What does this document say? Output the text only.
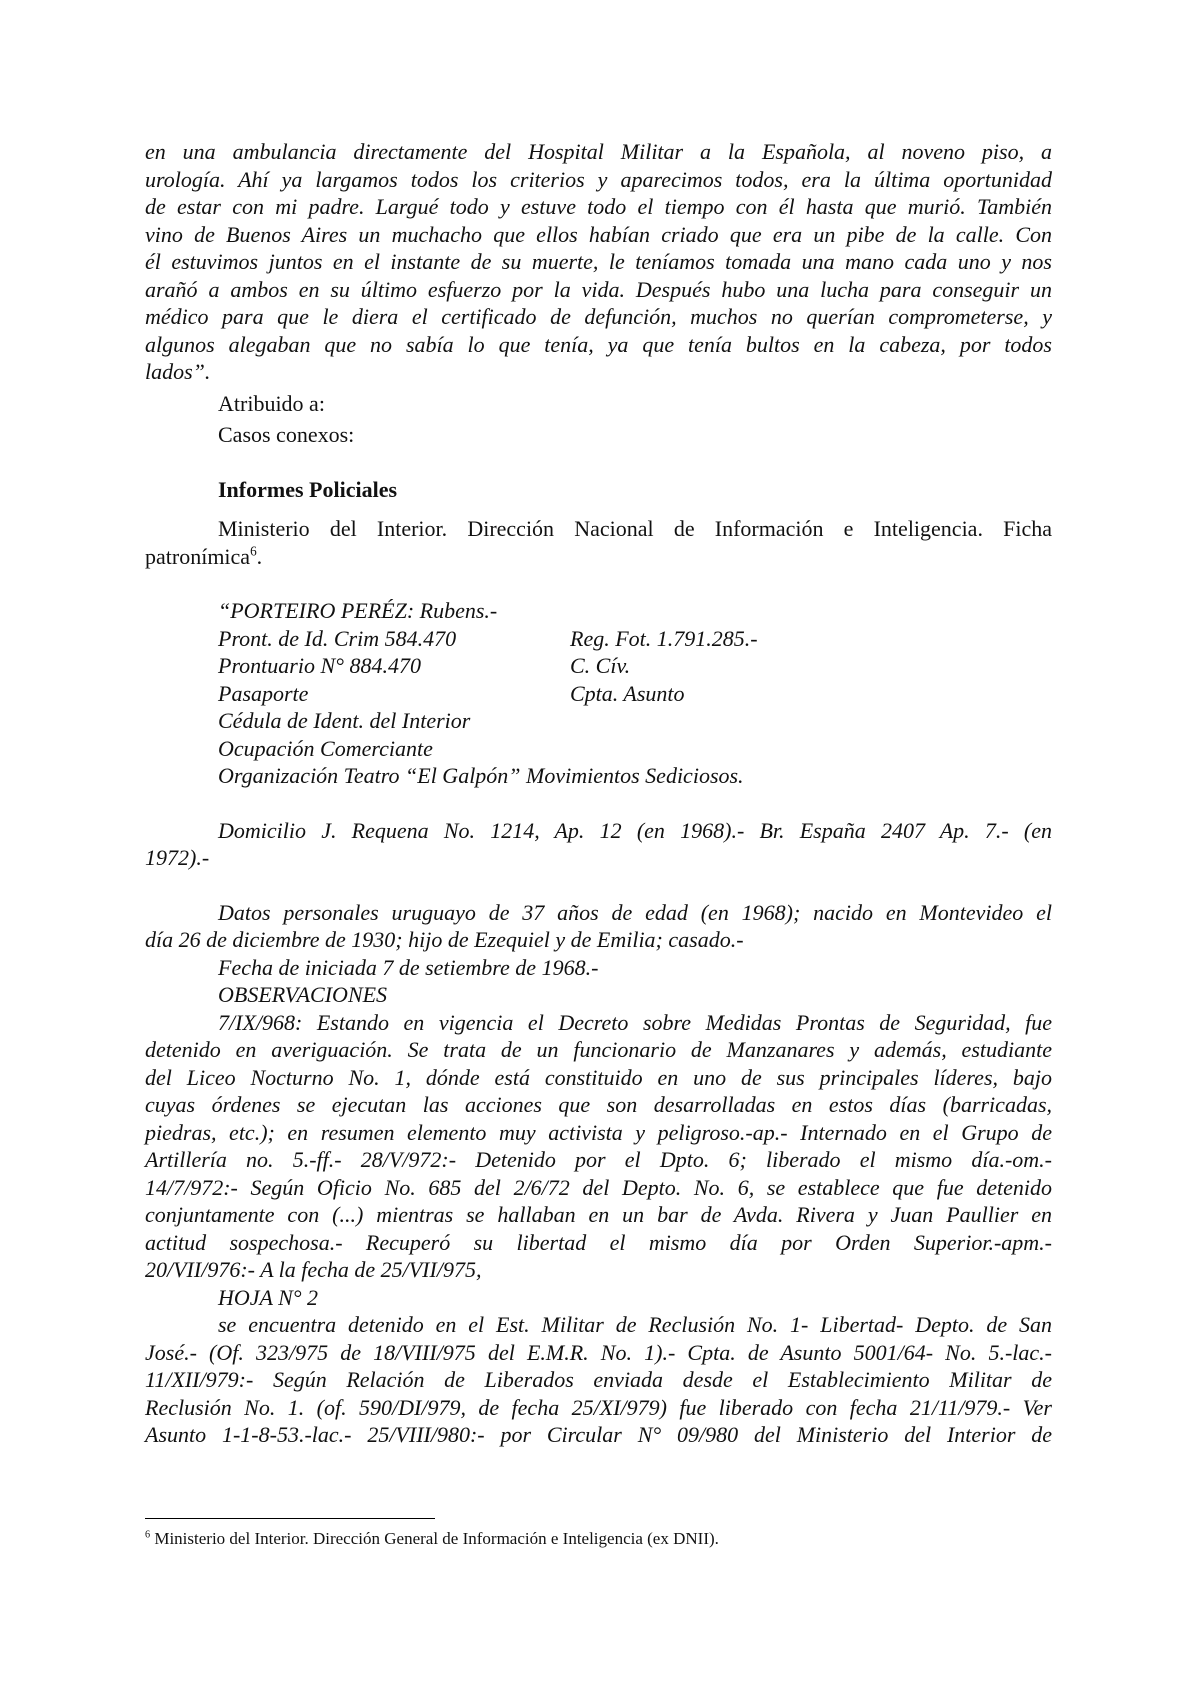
en una ambulancia directamente del Hospital Militar a la Española, al noveno piso, a
urología. Ahí ya largamos todos los criterios y aparecimos todos, era la última oportunidad
de estar con mi padre. Largué todo y estuve todo el tiempo con él hasta que murió. También
vino de Buenos Aires un muchacho que ellos habían criado que era un pibe de la calle. Con
él estuvimos juntos en el instante de su muerte, le teníamos tomada una mano cada uno y nos
arañó a ambos en su último esfuerzo por la vida. Después hubo una lucha para conseguir un
médico para que le diera el certificado de defunción, muchos no querían comprometerse, y
algunos alegaban que no sabía lo que tenía, ya que tenía bultos en la cabeza, por todos
lados”.
Atribuido a:
Casos conexos:
Informes Policiales
Ministerio del Interior. Dirección Nacional de Información e Inteligencia. Ficha
patronímica$^6$.
“PORTEIRO PERÉZ: Rubens.-
Pront. de Id. Crim 584.470	Reg. Fot. 1.791.285.-
Prontuario N° 884.470	C. Cív.
Pasaporte	Cpta. Asunto
Cédula de Ident. del Interior
Ocupación Comerciante
Organización Teatro “El Galpón” Movimientos Sediciosos.
Domicilio J. Requena No. 1214, Ap. 12 (en 1968).- Br. España 2407 Ap. 7.- (en
1972).-
Datos personales uruguayo de 37 años de edad (en 1968); nacido en Montevideo el
día 26 de diciembre de 1930; hijo de Ezequiel y de Emilia; casado.-
Fecha de iniciada 7 de setiembre de 1968.-
OBSERVACIONES
7/IX/968: Estando en vigencia el Decreto sobre Medidas Prontas de Seguridad, fue
detenido en averiguación. Se trata de un funcionario de Manzanares y además, estudiante
del Liceo Nocturno No. 1, dónde está constituido en uno de sus principales líderes, bajo
cuyas órdenes se ejecutan las acciones que son desarrolladas en estos días (barricadas,
piedras, etc.); en resumen elemento muy activista y peligroso.-ap.- Internado en el Grupo de
Artillería no. 5.-ff.- 28/V/972:- Detenido por el Dpto. 6; liberado el mismo día.-om.-
14/7/972:- Según Oficio No. 685 del 2/6/72 del Depto. No. 6, se establece que fue detenido
conjuntamente con (...) mientras se hallaban en un bar de Avda. Rivera y Juan Paullier en
actitud sospechosa.- Recuperó su libertad el mismo día por Orden Superior.-apm.-
20/VII/976:- A la fecha de 25/VII/975,
HOJA N° 2
se encuentra detenido en el Est. Militar de Reclusión No. 1- Libertad- Depto. de San
José.- (Of. 323/975 de 18/VIII/975 del E.M.R. No. 1).- Cpta. de Asunto 5001/64- No. 5.-lac.-
11/XII/979:- Según Relación de Liberados enviada desde el Establecimiento Militar de
Reclusión No. 1. (of. 590/DI/979, de fecha 25/XI/979) fue liberado con fecha 21/11/979.- Ver
Asunto 1-1-8-53.-lac.- 25/VIII/980:- por Circular N° 09/980 del Ministerio del Interior de
$^6$ Ministerio del Interior. Dirección General de Información e Inteligencia (ex DNII).
